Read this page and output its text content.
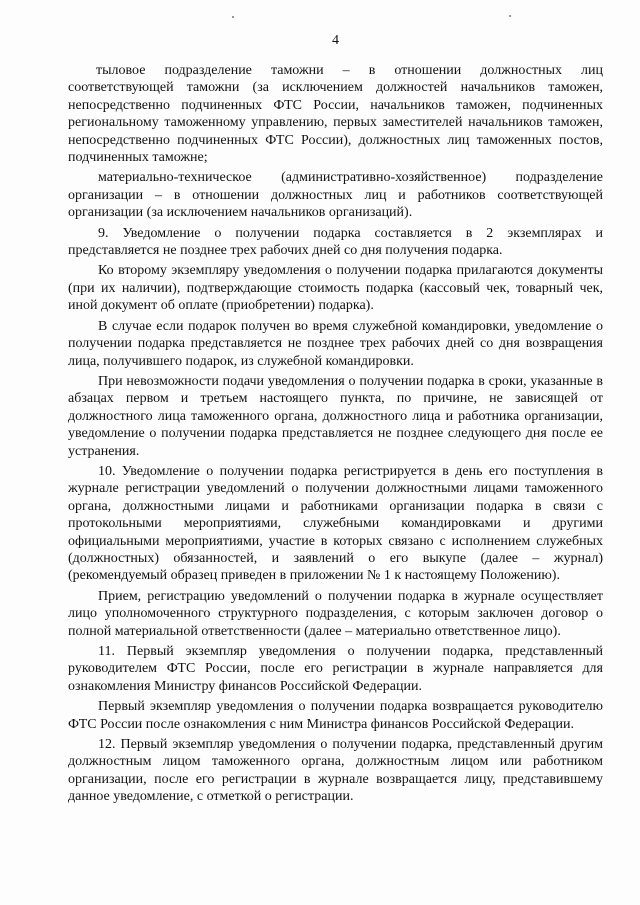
4

тыловое подразделение таможни – в отношении должностных лиц соответствующей таможни (за исключением должностей начальников таможен, непосредственно подчиненных ФТС России, начальников таможен, подчиненных региональному таможенному управлению, первых заместителей начальников таможен, непосредственно подчиненных ФТС России), должностных лиц таможенных постов, подчиненных таможне;

материально-техническое (административно-хозяйственное) подразделение организации – в отношении должностных лиц и работников соответствующей организации (за исключением начальников организаций).

9. Уведомление о получении подарка составляется в 2 экземплярах и представляется не позднее трех рабочих дней со дня получения подарка.

Ко второму экземпляру уведомления о получении подарка прилагаются документы (при их наличии), подтверждающие стоимость подарка (кассовый чек, товарный чек, иной документ об оплате (приобретении) подарка).

В случае если подарок получен во время служебной командировки, уведомление о получении подарка представляется не позднее трех рабочих дней со дня возвращения лица, получившего подарок, из служебной командировки.

При невозможности подачи уведомления о получении подарка в сроки, указанные в абзацах первом и третьем настоящего пункта, по причине, не зависящей от должностного лица таможенного органа, должностного лица и работника организации, уведомление о получении подарка представляется не позднее следующего дня после ее устранения.

10. Уведомление о получении подарка регистрируется в день его поступления в журнале регистрации уведомлений о получении должностными лицами таможенного органа, должностными лицами и работниками организации подарка в связи с протокольными мероприятиями, служебными командировками и другими официальными мероприятиями, участие в которых связано с исполнением служебных (должностных) обязанностей, и заявлений о его выкупе (далее – журнал) (рекомендуемый образец приведен в приложении № 1 к настоящему Положению).

Прием, регистрацию уведомлений о получении подарка в журнале осуществляет лицо уполномоченного структурного подразделения, с которым заключен договор о полной материальной ответственности (далее – материально ответственное лицо).

11. Первый экземпляр уведомления о получении подарка, представленный руководителем ФТС России, после его регистрации в журнале направляется для ознакомления Министру финансов Российской Федерации.

Первый экземпляр уведомления о получении подарка возвращается руководителю ФТС России после ознакомления с ним Министра финансов Российской Федерации.

12. Первый экземпляр уведомления о получении подарка, представленный другим должностным лицом таможенного органа, должностным лицом или работником организации, после его регистрации в журнале возвращается лицу, представившему данное уведомление, с отметкой о регистрации.
